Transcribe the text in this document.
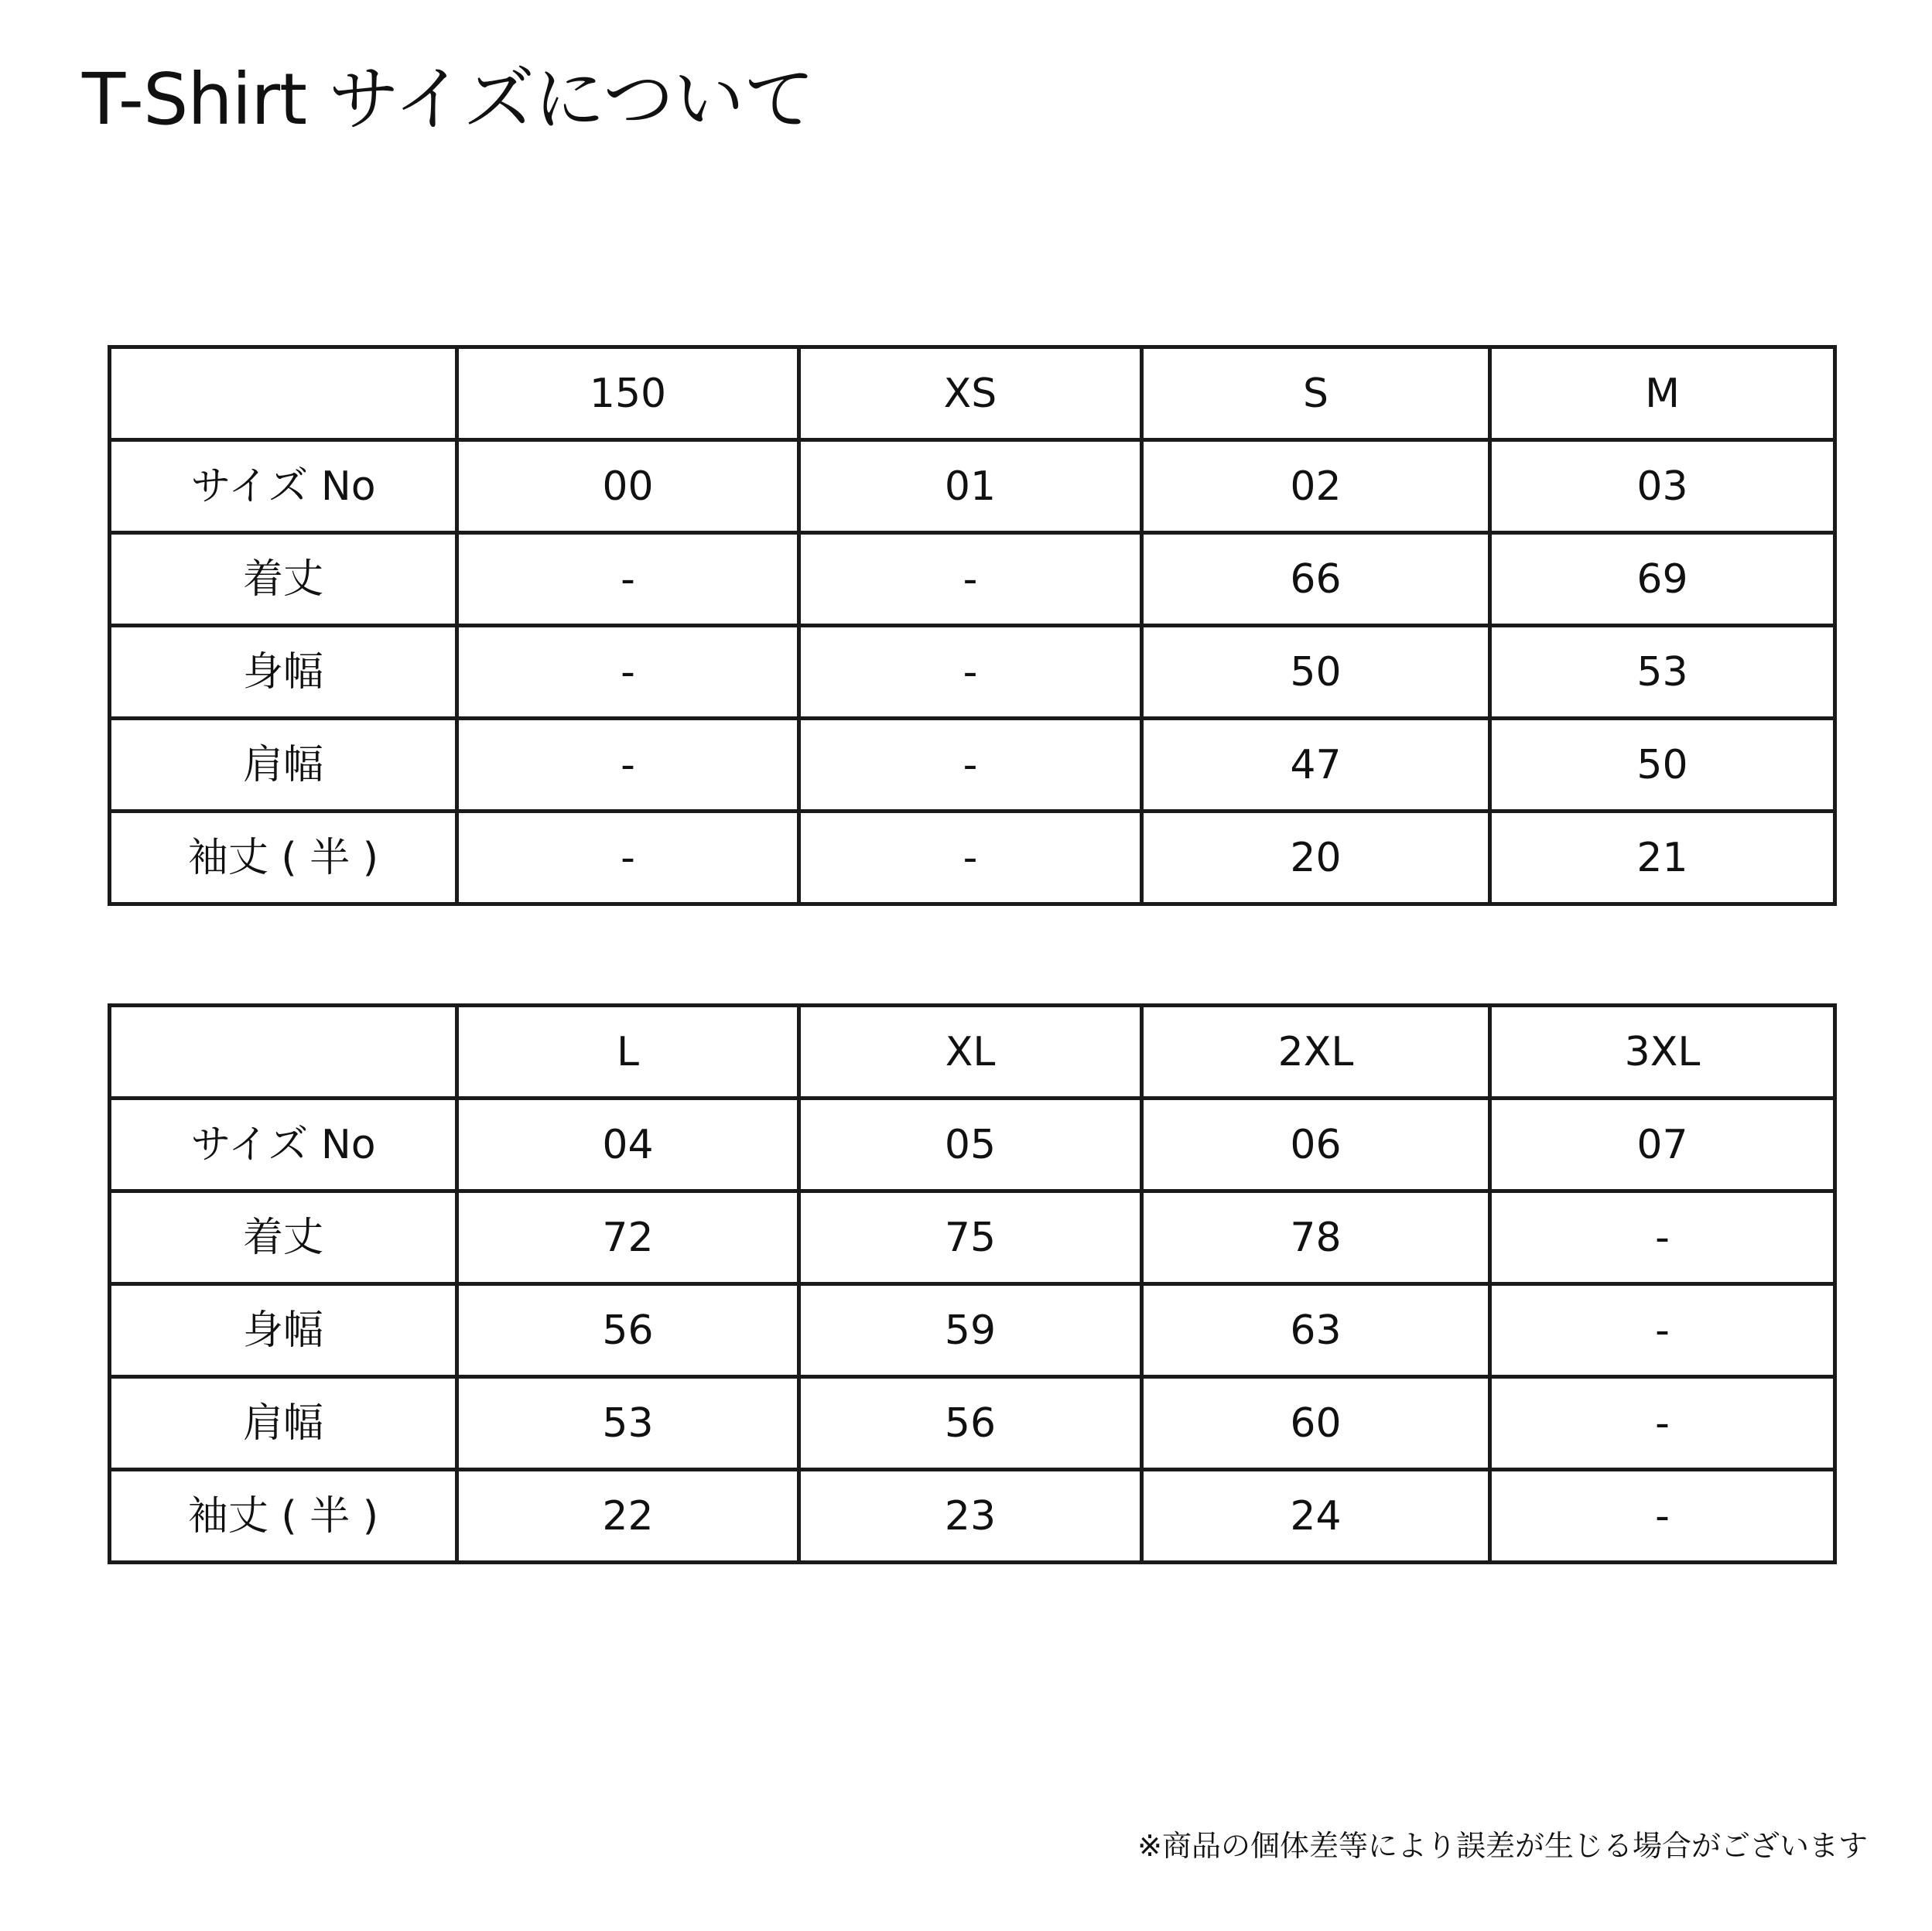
T-Shirt サイズについて
	150	XS	S	M
サイズ No	00	01	02	03
着丈	-	-	66	69
身幅	-	-	50	53
肩幅	-	-	47	50
袖丈 ( 半 )	-	-	20	21
	L	XL	2XL	3XL
サイズ No	04	05	06	07
着丈	72	75	78	-
身幅	56	59	63	-
肩幅	53	56	60	-
袖丈 ( 半 )	22	23	24	-

※商品の個体差等により誤差が生じる場合がございます
